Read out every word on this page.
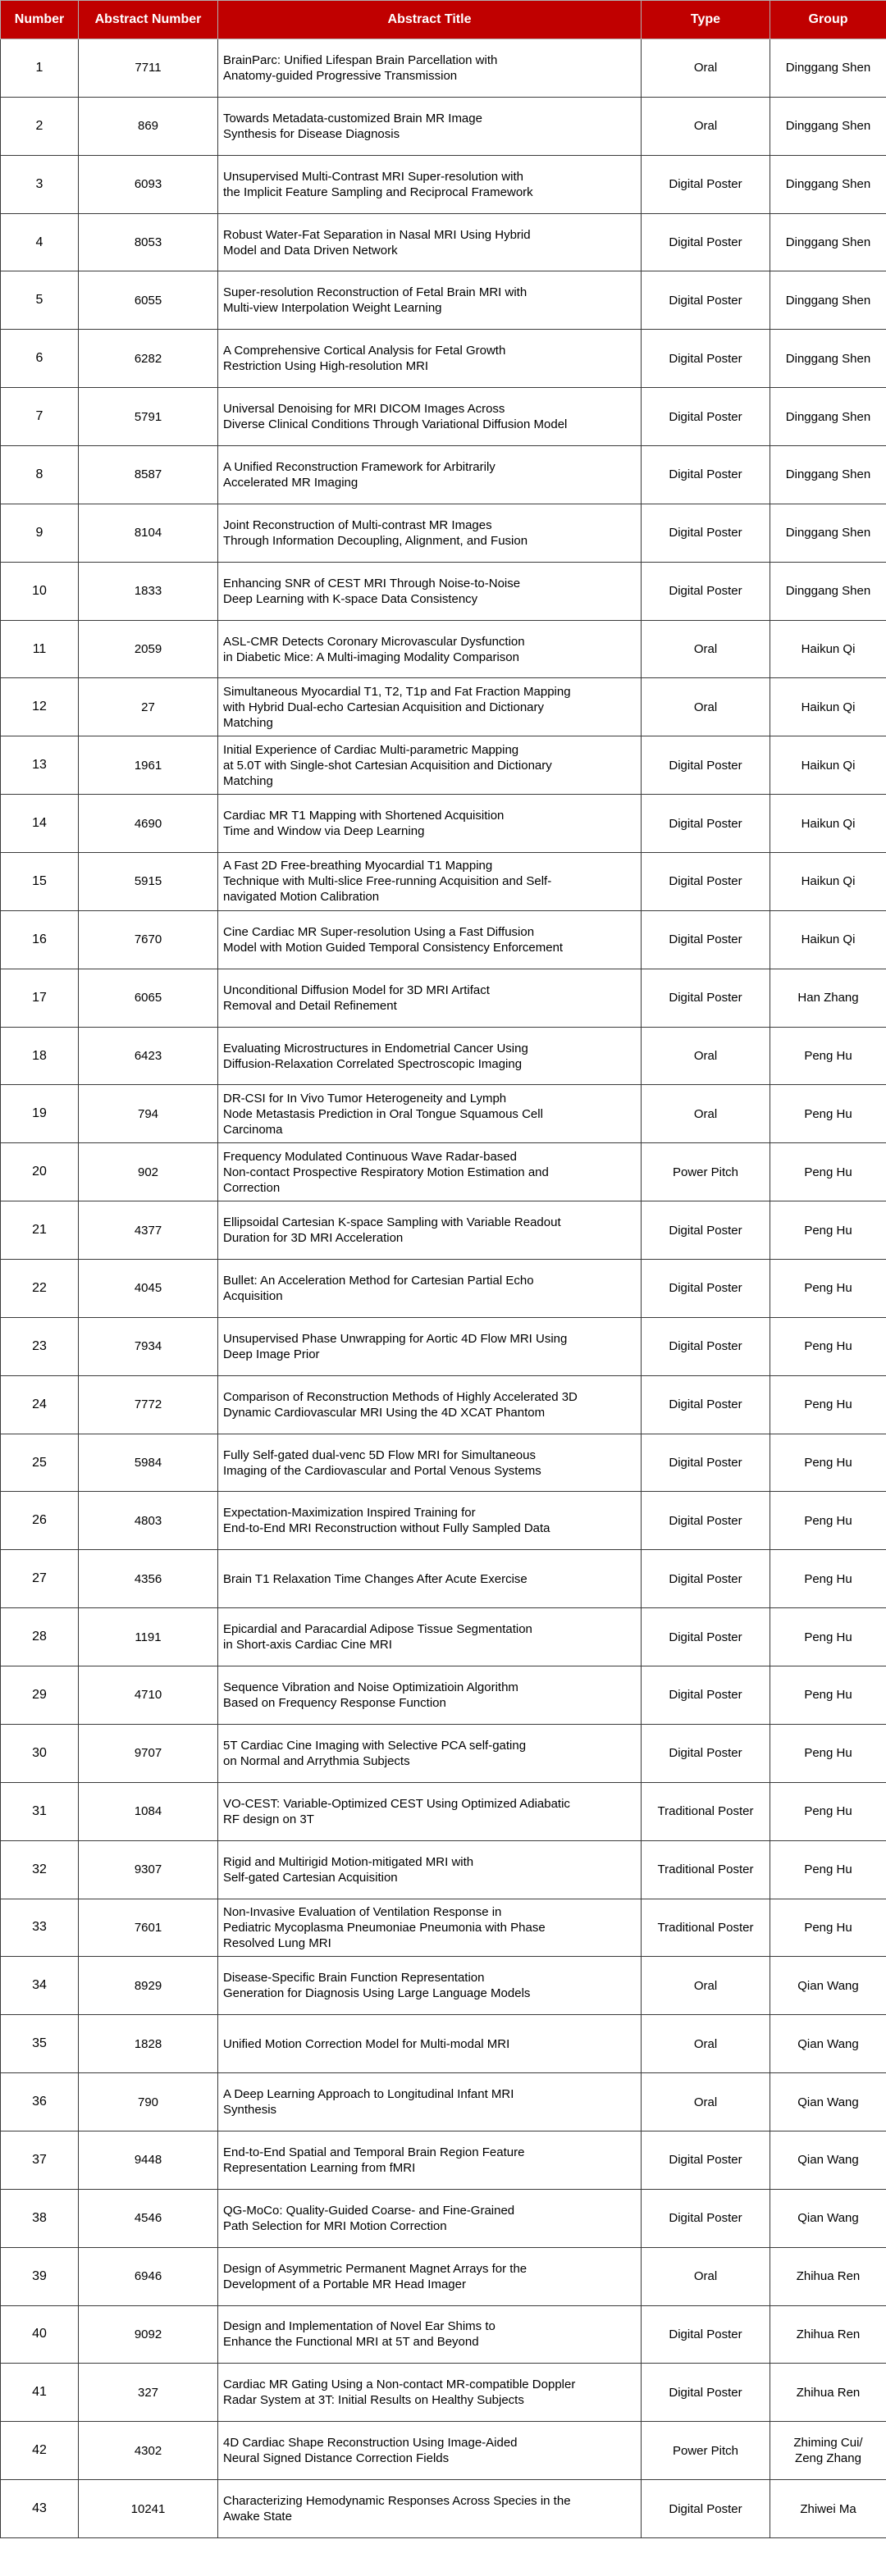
Number	Abstract Number	Abstract Title	Type	Group
1	7711	BrainParc: Unified Lifespan Brain Parcellation with
Anatomy-guided Progressive Transmission	Oral	Dinggang Shen
2	869	Towards Metadata-customized Brain MR Image
Synthesis for Disease Diagnosis	Oral	Dinggang Shen
3	6093	Unsupervised Multi-Contrast MRI Super-resolution with
the Implicit Feature Sampling and Reciprocal Framework	Digital Poster	Dinggang Shen
4	8053	Robust Water-Fat Separation in Nasal MRI Using Hybrid
Model and Data Driven Network	Digital Poster	Dinggang Shen
5	6055	Super-resolution Reconstruction of Fetal Brain MRI with
Multi-view Interpolation Weight Learning	Digital Poster	Dinggang Shen
6	6282	A Comprehensive Cortical Analysis for Fetal Growth
Restriction Using High-resolution MRI	Digital Poster	Dinggang Shen
7	5791	Universal Denoising for MRI DICOM Images Across
Diverse Clinical Conditions Through Variational Diffusion Model	Digital Poster	Dinggang Shen
8	8587	A Unified Reconstruction Framework for Arbitrarily
Accelerated MR Imaging	Digital Poster	Dinggang Shen
9	8104	Joint Reconstruction of Multi-contrast MR Images
Through Information Decoupling, Alignment, and Fusion	Digital Poster	Dinggang Shen
10	1833	Enhancing SNR of CEST MRI Through Noise-to-Noise
Deep Learning with K-space Data Consistency	Digital Poster	Dinggang Shen
11	2059	ASL-CMR Detects Coronary Microvascular Dysfunction
in Diabetic Mice: A Multi-imaging Modality Comparison	Oral	Haikun Qi
12	27	Simultaneous Myocardial T1, T2, T1p and Fat Fraction Mapping
with Hybrid Dual-echo Cartesian Acquisition and Dictionary
Matching	Oral	Haikun Qi
13	1961	Initial Experience of Cardiac Multi-parametric Mapping
at 5.0T with Single-shot Cartesian Acquisition and Dictionary
Matching	Digital Poster	Haikun Qi
14	4690	Cardiac MR T1 Mapping with Shortened Acquisition
Time and Window via Deep Learning	Digital Poster	Haikun Qi
15	5915	A Fast 2D Free-breathing Myocardial T1 Mapping
Technique with Multi-slice Free-running Acquisition and Self-
navigated Motion Calibration	Digital Poster	Haikun Qi
16	7670	Cine Cardiac MR Super-resolution Using a Fast Diffusion
Model with Motion Guided Temporal Consistency Enforcement	Digital Poster	Haikun Qi
17	6065	Unconditional Diffusion Model for 3D MRI Artifact
Removal and Detail Refinement	Digital Poster	Han Zhang
18	6423	Evaluating Microstructures in Endometrial Cancer Using
Diffusion-Relaxation Correlated Spectroscopic Imaging	Oral	Peng Hu
19	794	DR-CSI for In Vivo Tumor Heterogeneity and Lymph
Node Metastasis Prediction in Oral Tongue Squamous Cell
Carcinoma	Oral	Peng Hu
20	902	Frequency Modulated Continuous Wave Radar-based
Non-contact Prospective Respiratory Motion Estimation and
Correction	Power Pitch	Peng Hu
21	4377	Ellipsoidal Cartesian K-space Sampling with Variable Readout
Duration for 3D MRI Acceleration	Digital Poster	Peng Hu
22	4045	Bullet: An Acceleration Method for Cartesian Partial Echo
Acquisition	Digital Poster	Peng Hu
23	7934	Unsupervised Phase Unwrapping for Aortic 4D Flow MRI Using
Deep Image Prior	Digital Poster	Peng Hu
24	7772	Comparison of Reconstruction Methods of Highly Accelerated 3D
Dynamic Cardiovascular MRI Using the 4D XCAT Phantom	Digital Poster	Peng Hu
25	5984	Fully Self-gated dual-venc 5D Flow MRI for Simultaneous
Imaging of the Cardiovascular and Portal Venous Systems	Digital Poster	Peng Hu
26	4803	Expectation-Maximization Inspired Training for
End-to-End MRI Reconstruction without Fully Sampled Data	Digital Poster	Peng Hu
27	4356	Brain T1 Relaxation Time Changes After Acute Exercise	Digital Poster	Peng Hu
28	1191	Epicardial and Paracardial Adipose Tissue Segmentation
in Short-axis Cardiac Cine MRI	Digital Poster	Peng Hu
29	4710	Sequence Vibration and Noise Optimizatioin Algorithm
Based on Frequency Response Function	Digital Poster	Peng Hu
30	9707	5T Cardiac Cine Imaging with Selective PCA self-gating
on Normal and Arrythmia Subjects	Digital Poster	Peng Hu
31	1084	VO-CEST: Variable-Optimized CEST Using Optimized Adiabatic
RF design on 3T	Traditional Poster	Peng Hu
32	9307	Rigid and Multirigid Motion-mitigated MRI with
Self-gated Cartesian Acquisition	Traditional Poster	Peng Hu
33	7601	Non-Invasive Evaluation of Ventilation Response in
Pediatric Mycoplasma Pneumoniae Pneumonia with Phase
Resolved Lung MRI	Traditional Poster	Peng Hu
34	8929	Disease-Specific Brain Function Representation
Generation for Diagnosis Using Large Language Models	Oral	Qian Wang
35	1828	Unified Motion Correction Model for Multi-modal MRI	Oral	Qian Wang
36	790	A Deep Learning Approach to Longitudinal Infant MRI
Synthesis	Oral	Qian Wang
37	9448	End-to-End Spatial and Temporal Brain Region Feature
Representation Learning from fMRI	Digital Poster	Qian Wang
38	4546	QG-MoCo: Quality-Guided Coarse- and Fine-Grained
Path Selection for MRI Motion Correction	Digital Poster	Qian Wang
39	6946	Design of Asymmetric Permanent Magnet Arrays for the
Development of a Portable MR Head Imager	Oral	Zhihua Ren
40	9092	Design and Implementation of Novel Ear Shims to
Enhance the Functional MRI at 5T and Beyond	Digital Poster	Zhihua Ren
41	327	Cardiac MR Gating Using a Non-contact MR-compatible Doppler
Radar System at 3T: Initial Results on Healthy Subjects	Digital Poster	Zhihua Ren
42	4302	4D Cardiac Shape Reconstruction Using Image-Aided
Neural Signed Distance Correction Fields	Power Pitch	Zhiming Cui/
Zeng Zhang
43	10241	Characterizing Hemodynamic Responses Across Species in the
Awake State	Digital Poster	Zhiwei Ma
